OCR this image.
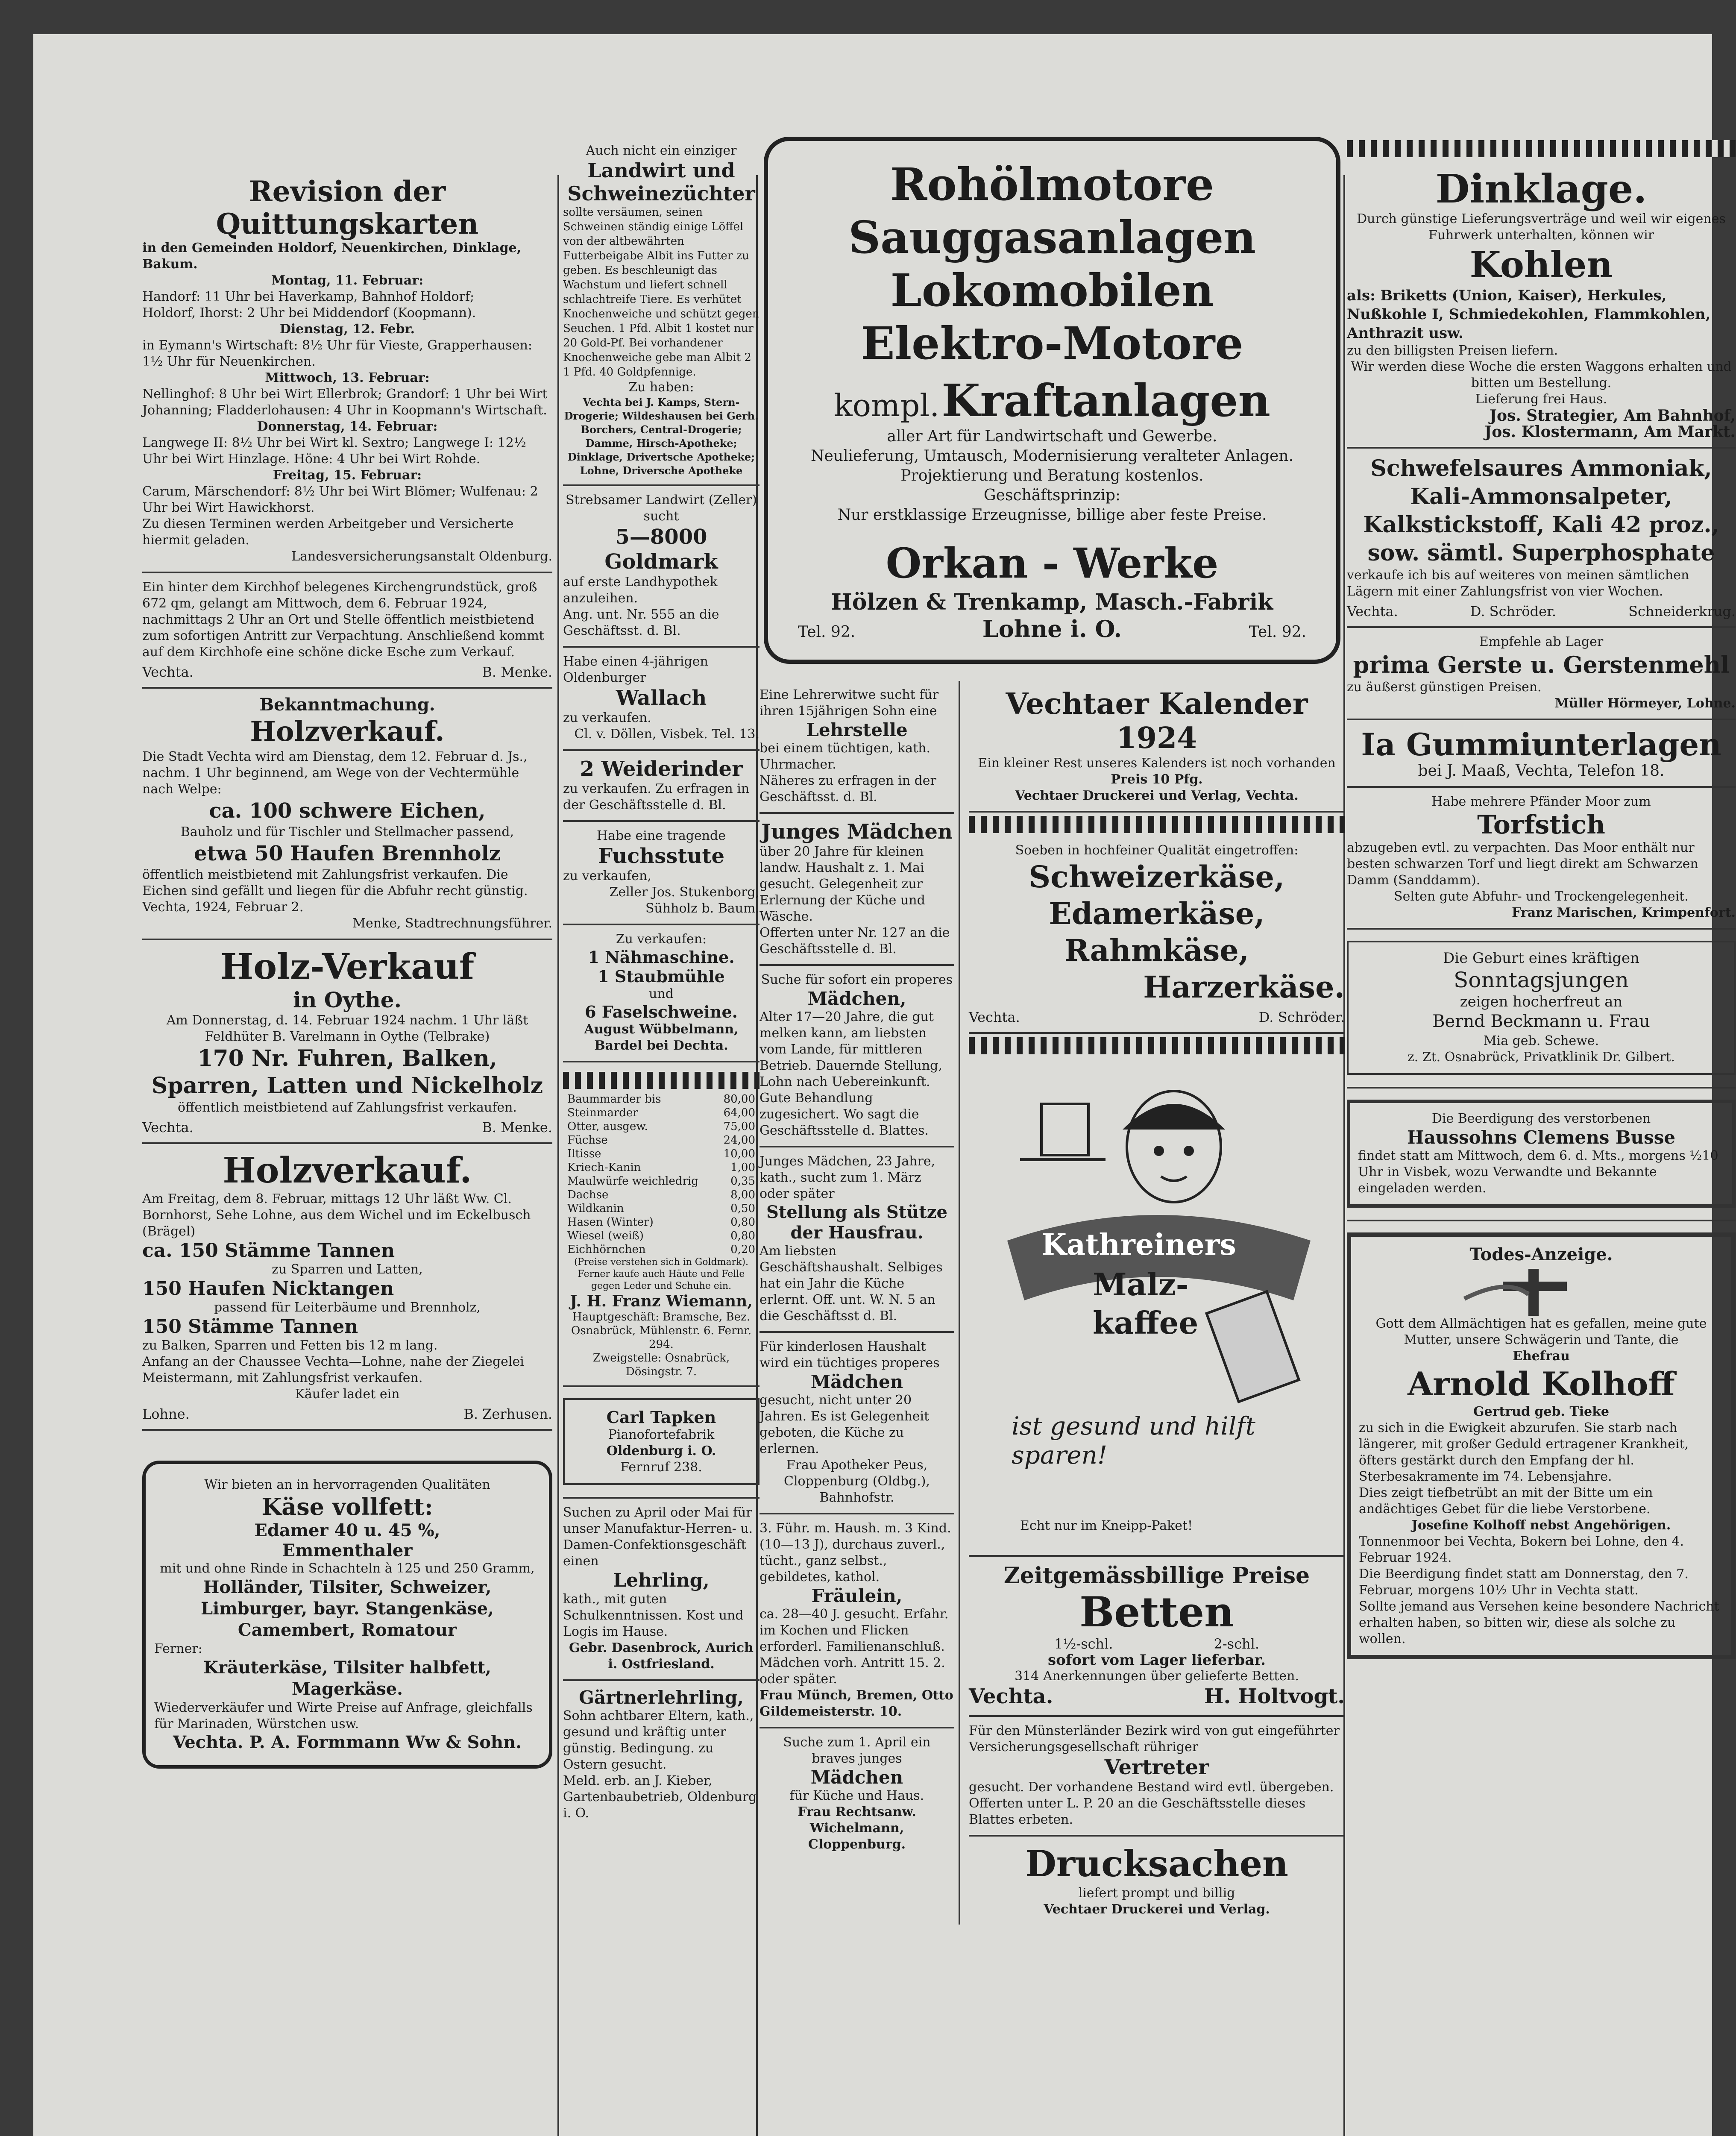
Revision der Quittungskarten

in den Gemeinden Holdorf, Neuenkirchen, Dinklage, Bakum.

Montag, 11. Februar:

Handorf: 11 Uhr bei Haverkamp, Bahnhof Holdorf;

Holdorf, Ihorst: 2 Uhr bei Middendorf (Koopmann).

Dienstag, 12. Febr.

in Eymann's Wirtschaft: 8½ Uhr für Vieste, Grapperhausen: 1½ Uhr für Neuenkirchen.

Mittwoch, 13. Februar:

Nellinghof: 8 Uhr bei Wirt Ellerbrok; Grandorf: 1 Uhr bei Wirt Johanning; Fladderlohausen: 4 Uhr in Koopmann's Wirtschaft.

Donnerstag, 14. Februar:

Langwege II: 8½ Uhr bei Wirt kl. Sextro; Langwege I: 12½ Uhr bei Wirt Hinzlage. Höne: 4 Uhr bei Wirt Rohde.

Freitag, 15. Februar:

Carum, Märschendorf: 8½ Uhr bei Wirt Blömer; Wulfenau: 2 Uhr bei Wirt Hawickhorst.

Zu diesen Terminen werden Arbeitgeber und Versicherte hiermit geladen.

Landesversicherungsanstalt Oldenburg.

Ein hinter dem Kirchhof belegenes Kirchengrundstück, groß 672 qm, gelangt am Mittwoch, dem 6. Februar 1924, nachmittags 2 Uhr an Ort und Stelle öffentlich meistbietend zum sofortigen Antritt zur Verpachtung. Anschließend kommt auf dem Kirchhofe eine schöne dicke Esche zum Verkauf.

Vechta.	B. Menke.
Bekanntmachung.
Holzverkauf.

Die Stadt Vechta wird am Dienstag, dem 12. Februar d. Js., nachm. 1 Uhr beginnend, am Wege von der Vechtermühle nach Welpe:

ca. 100 schwere Eichen,

Bauholz und für Tischler und Stellmacher passend,

etwa 50 Haufen Brennholz

öffentlich meistbietend mit Zahlungsfrist verkaufen. Die Eichen sind gefällt und liegen für die Abfuhr recht günstig.

Vechta, 1924, Februar 2.

Menke, Stadtrechnungsführer.

Holz-Verkauf
in Oythe.

Am Donnerstag, d. 14. Februar 1924 nachm. 1 Uhr läßt Feldhüter B. Varelmann in Oythe (Telbrake)

170 Nr. Fuhren, Balken, Sparren, Latten und Nickelholz

öffentlich meistbietend auf Zahlungsfrist verkaufen.

Vechta.	B. Menke.
Holzverkauf.

Am Freitag, dem 8. Februar, mittags 12 Uhr läßt Ww. Cl. Bornhorst, Sehe Lohne, aus dem Wichel und im Eckelbusch (Brägel)

ca. 150 Stämme Tannen

zu Sparren und Latten,

150 Haufen Nicktangen

passend für Leiterbäume und Brennholz,

150 Stämme Tannen

zu Balken, Sparren und Fetten bis 12 m lang.

Anfang an der Chaussee Vechta—Lohne, nahe der Ziegelei Meistermann, mit Zahlungsfrist verkaufen.

Käufer ladet ein

Lohne.	B. Zerhusen.

Wir bieten an in hervorragenden Qualitäten

Käse vollfett:
Edamer 40 u. 45 %,
Emmenthaler

mit und ohne Rinde in Schachteln à 125 und 250 Gramm,

Holländer, Tilsiter, Schweizer, Limburger, bayr. Stangenkäse, Camembert, Romatour

Ferner:

Kräuterkäse, Tilsiter halbfett, Magerkäse.

Wiederverkäufer und Wirte Preise auf Anfrage, gleichfalls für Marinaden, Würstchen usw.

Vechta. P. A. Formmann Ww & Sohn.

Auch nicht ein einziger

Landwirt und Schweinezüchter

sollte versäumen, seinen Schweinen ständig einige Löffel von der altbewährten Futterbeigabe Albit ins Futter zu geben. Es beschleunigt das Wachstum und liefert schnell schlachtreife Tiere. Es verhütet Knochenweiche und schützt gegen Seuchen. 1 Pfd. Albit 1 kostet nur 20 Gold-Pf. Bei vorhandener Knochenweiche gebe man Albit 2 1 Pfd. 40 Goldpfennige.

Zu haben:

Vechta bei J. Kamps, Stern-Drogerie; Wildeshausen bei Gerh. Borchers, Central-Drogerie; Damme, Hirsch-Apotheke; Dinklage, Drivertsche Apotheke; Lohne, Driversche Apotheke

Strebsamer Landwirt (Zeller) sucht

5—8000 Goldmark

auf erste Landhypothek anzuleihen.

Ang. unt. Nr. 555 an die Geschäftsst. d. Bl.

Habe einen 4-jährigen Oldenburger

Wallach

zu verkaufen.

Cl. v. Döllen, Visbek. Tel. 13.

2 Weiderinder

zu verkaufen. Zu erfragen in der Geschäftsstelle d. Bl.

Habe eine tragende

Fuchsstute

zu verkaufen,

Zeller Jos. Stukenborg, Sühholz b. Baum.

Zu verkaufen:

1 Nähmaschine.
1 Staubmühle

und

6 Faselschweine.

August Wübbelmann, Bardel bei Dechta.

Baummarder bis	80,00
Steinmarder	64,00
Otter, ausgew.	75,00
Füchse	24,00
Iltisse	10,00
Kriech-Kanin	1,00
Maulwürfe weichledrig	0,35
Dachse	8,00
Wildkanin	0,50
Hasen (Winter)	0,80
Wiesel (weiß)	0,80
Eichhörnchen	0,20

(Preise verstehen sich in Goldmark). Ferner kaufe auch Häute und Felle gegen Leder und Schuhe ein.

J. H. Franz Wiemann,

Hauptgeschäft: Bramsche, Bez. Osnabrück, Mühlenstr. 6. Fernr. 294.

Zweigstelle: Osnabrück, Dösingstr. 7.

Carl Tapken

Pianofortefabrik

Oldenburg i. O.

Fernruf 238.

Suchen zu April oder Mai für unser Manufaktur-Herren- u. Damen-Confektionsgeschäft einen

Lehrling,

kath., mit guten Schulkenntnissen. Kost und Logis im Hause.

Gebr. Dasenbrock, Aurich i. Ostfriesland.

Gärtnerlehrling,

Sohn achtbarer Eltern, kath., gesund und kräftig unter günstig. Bedingung. zu Ostern gesucht.

Meld. erb. an J. Kieber, Gartenbaubetrieb, Oldenburg i. O.

Rohölmotore
Sauggasanlagen
Lokomobilen
Elektro-Motore
kompl. Kraftanlagen

aller Art für Landwirtschaft und Gewerbe.

Neulieferung, Umtausch, Modernisierung veralteter Anlagen.

Projektierung und Beratung kostenlos.

Geschäftsprinzip:

Nur erstklassige Erzeugnisse, billige aber feste Preise.

Orkan - Werke
Hölzen & Trenkamp, Masch.-Fabrik
Tel. 92.	Lohne i. O.	Tel. 92.

Eine Lehrerwitwe sucht für ihren 15jährigen Sohn eine

Lehrstelle

bei einem tüchtigen, kath. Uhrmacher.

Näheres zu erfragen in der Geschäftsst. d. Bl.

Junges Mädchen

über 20 Jahre für kleinen landw. Haushalt z. 1. Mai gesucht. Gelegenheit zur Erlernung der Küche und Wäsche.

Offerten unter Nr. 127 an die Geschäftsstelle d. Bl.

Suche für sofort ein properes

Mädchen,

Alter 17—20 Jahre, die gut melken kann, am liebsten vom Lande, für mittleren Betrieb. Dauernde Stellung, Lohn nach Uebereinkunft. Gute Behandlung zugesichert. Wo sagt die Geschäftsstelle d. Blattes.

Junges Mädchen, 23 Jahre, kath., sucht zum 1. März oder später

Stellung als Stütze der Hausfrau.

Am liebsten Geschäftshaushalt. Selbiges hat ein Jahr die Küche erlernt. Off. unt. W. N. 5 an die Geschäftsst d. Bl.

Für kinderlosen Haushalt wird ein tüchtiges properes

Mädchen

gesucht, nicht unter 20 Jahren. Es ist Gelegenheit geboten, die Küche zu erlernen.

Frau Apotheker Peus, Cloppenburg (Oldbg.), Bahnhofstr.

3. Führ. m. Haush. m. 3 Kind. (10—13 J), durchaus zuverl., tücht., ganz selbst., gebildetes, kathol.

Fräulein,

ca. 28—40 J. gesucht. Erfahr. im Kochen und Flicken erforderl. Familienanschluß. Mädchen vorh. Antritt 15. 2. oder später.

Frau Münch, Bremen, Otto Gildemeisterstr. 10.

Suche zum 1. April ein braves junges

Mädchen

für Küche und Haus.

Frau Rechtsanw. Wichelmann, Cloppenburg.

Vechtaer Kalender 1924

Ein kleiner Rest unseres Kalenders ist noch vorhanden

Preis 10 Pfg.

Vechtaer Druckerei und Verlag, Vechta.

Soeben in hochfeiner Qualität eingetroffen:

Schweizerkäse,
Edamerkäse,
Rahmkäse,
Harzerkäse.
Vechta.	D. Schröder.
Kathreiners
Malz-
kaffee
ist gesund und hilft sparen!
Echt nur im Kneipp-Paket!
Zeitgemässbillige Preise
Betten
1½-schl.	2-schl.

sofort vom Lager lieferbar.

314 Anerkennungen über gelieferte Betten.

Vechta.	H. Holtvogt.

Für den Münsterländer Bezirk wird von gut eingeführter Versicherungsgesellschaft rühriger

Vertreter

gesucht. Der vorhandene Bestand wird evtl. übergeben.

Offerten unter L. P. 20 an die Geschäftsstelle dieses Blattes erbeten.

Drucksachen

liefert prompt und billig

Vechtaer Druckerei und Verlag.

Dinklage.

Durch günstige Lieferungsverträge und weil wir eigenes Fuhrwerk unterhalten, können wir

Kohlen

als: Briketts (Union, Kaiser), Herkules, Nußkohle I, Schmiedekohlen, Flammkohlen, Anthrazit usw.

zu den billigsten Preisen liefern.

Wir werden diese Woche die ersten Waggons erhalten und bitten um Bestellung.

Lieferung frei Haus.

Jos. Strategier, Am Bahnhof,

Jos. Klostermann, Am Markt.

Schwefelsaures Ammoniak,
Kali-Ammonsalpeter,
Kalkstickstoff, Kali 42 proz.,
sow. sämtl. Superphosphate

verkaufe ich bis auf weiteres von meinen sämtlichen Lägern mit einer Zahlungsfrist von vier Wochen.

Vechta.	D. Schröder.	Schneiderkrug.

Empfehle ab Lager

prima Gerste u. Gerstenmehl

zu äußerst günstigen Preisen.

Müller Hörmeyer, Lohne.

Ia Gummiunterlagen

bei J. Maaß, Vechta, Telefon 18.

Habe mehrere Pfänder Moor zum

Torfstich

abzugeben evtl. zu verpachten. Das Moor enthält nur besten schwarzen Torf und liegt direkt am Schwarzen Damm (Sanddamm).

Selten gute Abfuhr- und Trockengelegenheit.

Franz Marischen, Krimpenfort.

Die Geburt eines kräftigen

Sonntagsjungen

zeigen hocherfreut an

Bernd Beckmann u. Frau

Mia geb. Schewe.

z. Zt. Osnabrück, Privatklinik Dr. Gilbert.

Die Beerdigung des verstorbenen

Haussohns Clemens Busse

findet statt am Mittwoch, dem 6. d. Mts., morgens ½10 Uhr in Visbek, wozu Verwandte und Bekannte eingeladen werden.

Todes-Anzeige.

Gott dem Allmächtigen hat es gefallen, meine gute Mutter, unsere Schwägerin und Tante, die

Ehefrau

Arnold Kolhoff

Gertrud geb. Tieke

zu sich in die Ewigkeit abzurufen. Sie starb nach längerer, mit großer Geduld ertragener Krankheit, öfters gestärkt durch den Empfang der hl. Sterbesakramente im 74. Lebensjahre.

Dies zeigt tiefbetrübt an mit der Bitte um ein andächtiges Gebet für die liebe Verstorbene.

Josefine Kolhoff nebst Angehörigen.

Tonnenmoor bei Vechta, Bokern bei Lohne, den 4. Februar 1924.

Die Beerdigung findet statt am Donnerstag, den 7. Februar, morgens 10½ Uhr in Vechta statt.

Sollte jemand aus Versehen keine besondere Nachricht erhalten haben, so bitten wir, diese als solche zu wollen.
